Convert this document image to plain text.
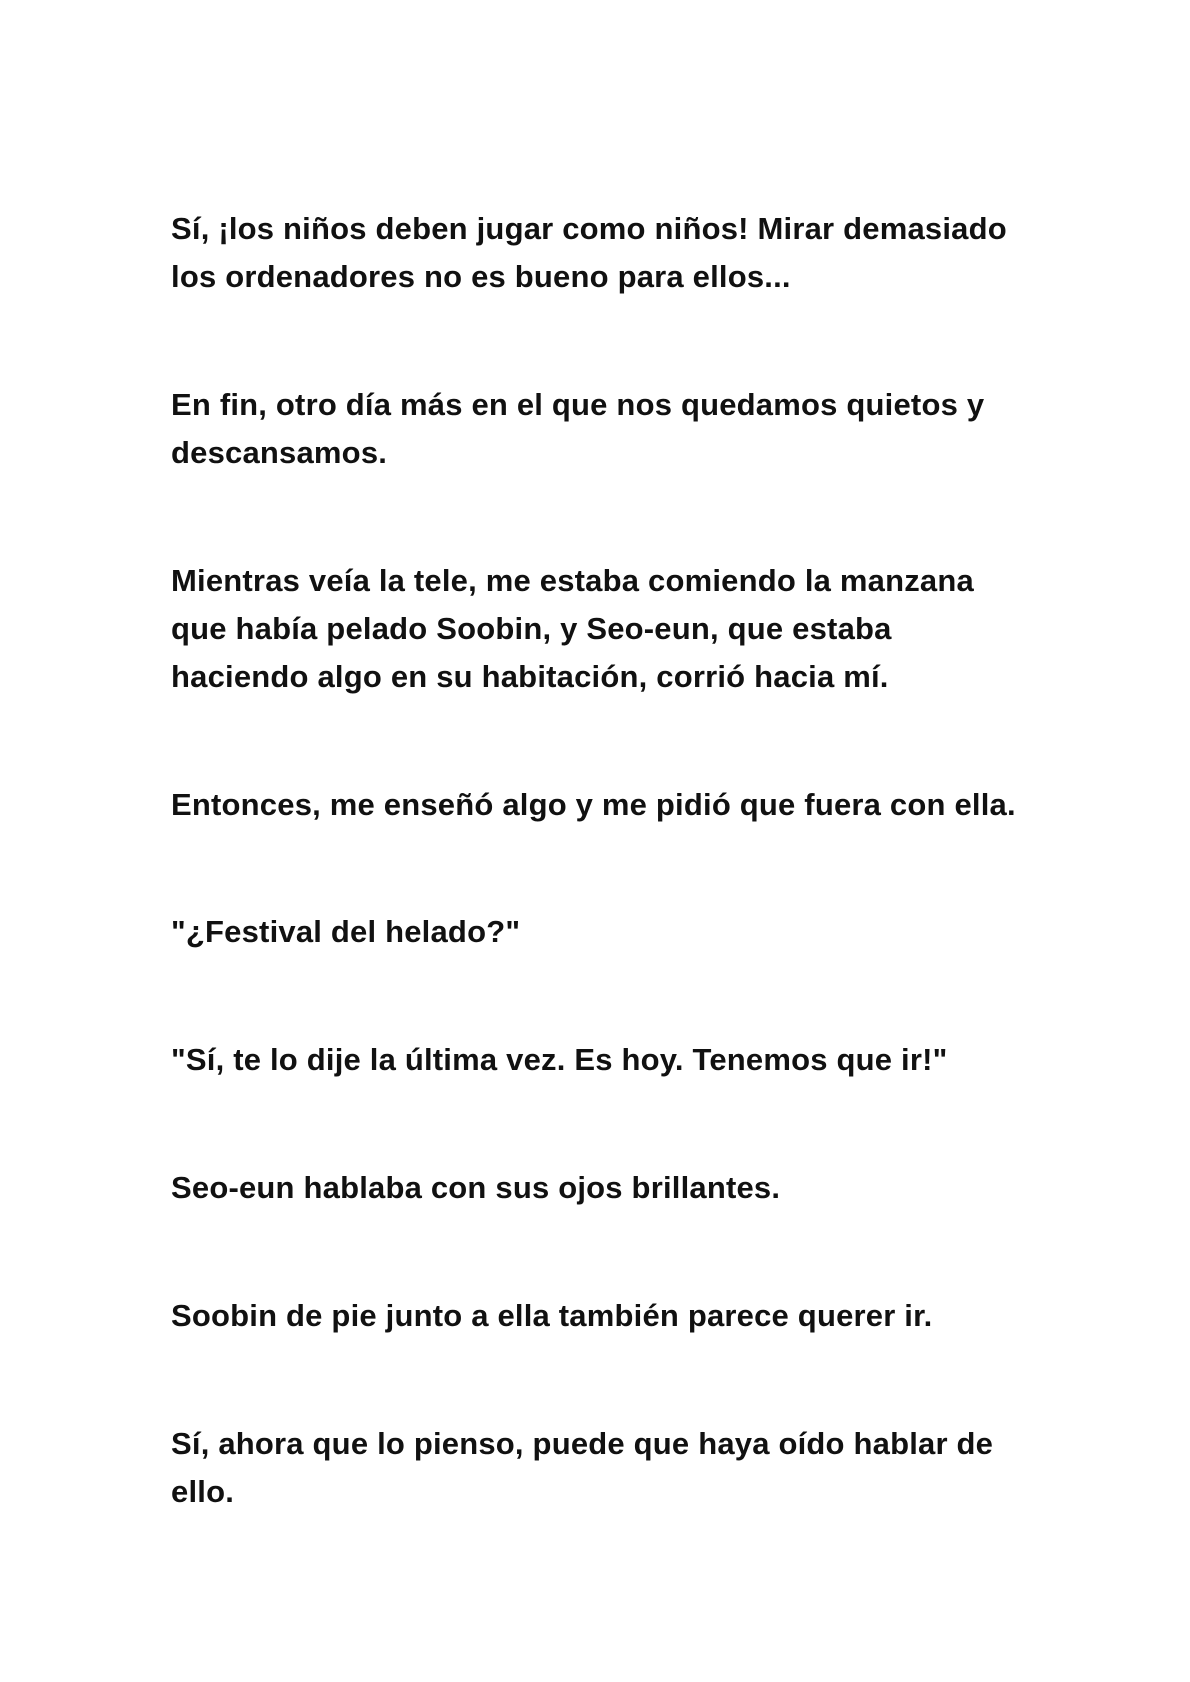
Sí, ¡los niños deben jugar como niños! Mirar demasiado
los ordenadores no es bueno para ellos...
En fin, otro día más en el que nos quedamos quietos y
descansamos.
Mientras veía la tele, me estaba comiendo la manzana
que había pelado Soobin, y Seo-eun, que estaba
haciendo algo en su habitación, corrió hacia mí.
Entonces, me enseñó algo y me pidió que fuera con ella.
"¿Festival del helado?"
"Sí, te lo dije la última vez. Es hoy. Tenemos que ir!"
Seo-eun hablaba con sus ojos brillantes.
Soobin de pie junto a ella también parece querer ir.
Sí, ahora que lo pienso, puede que haya oído hablar de
ello.
